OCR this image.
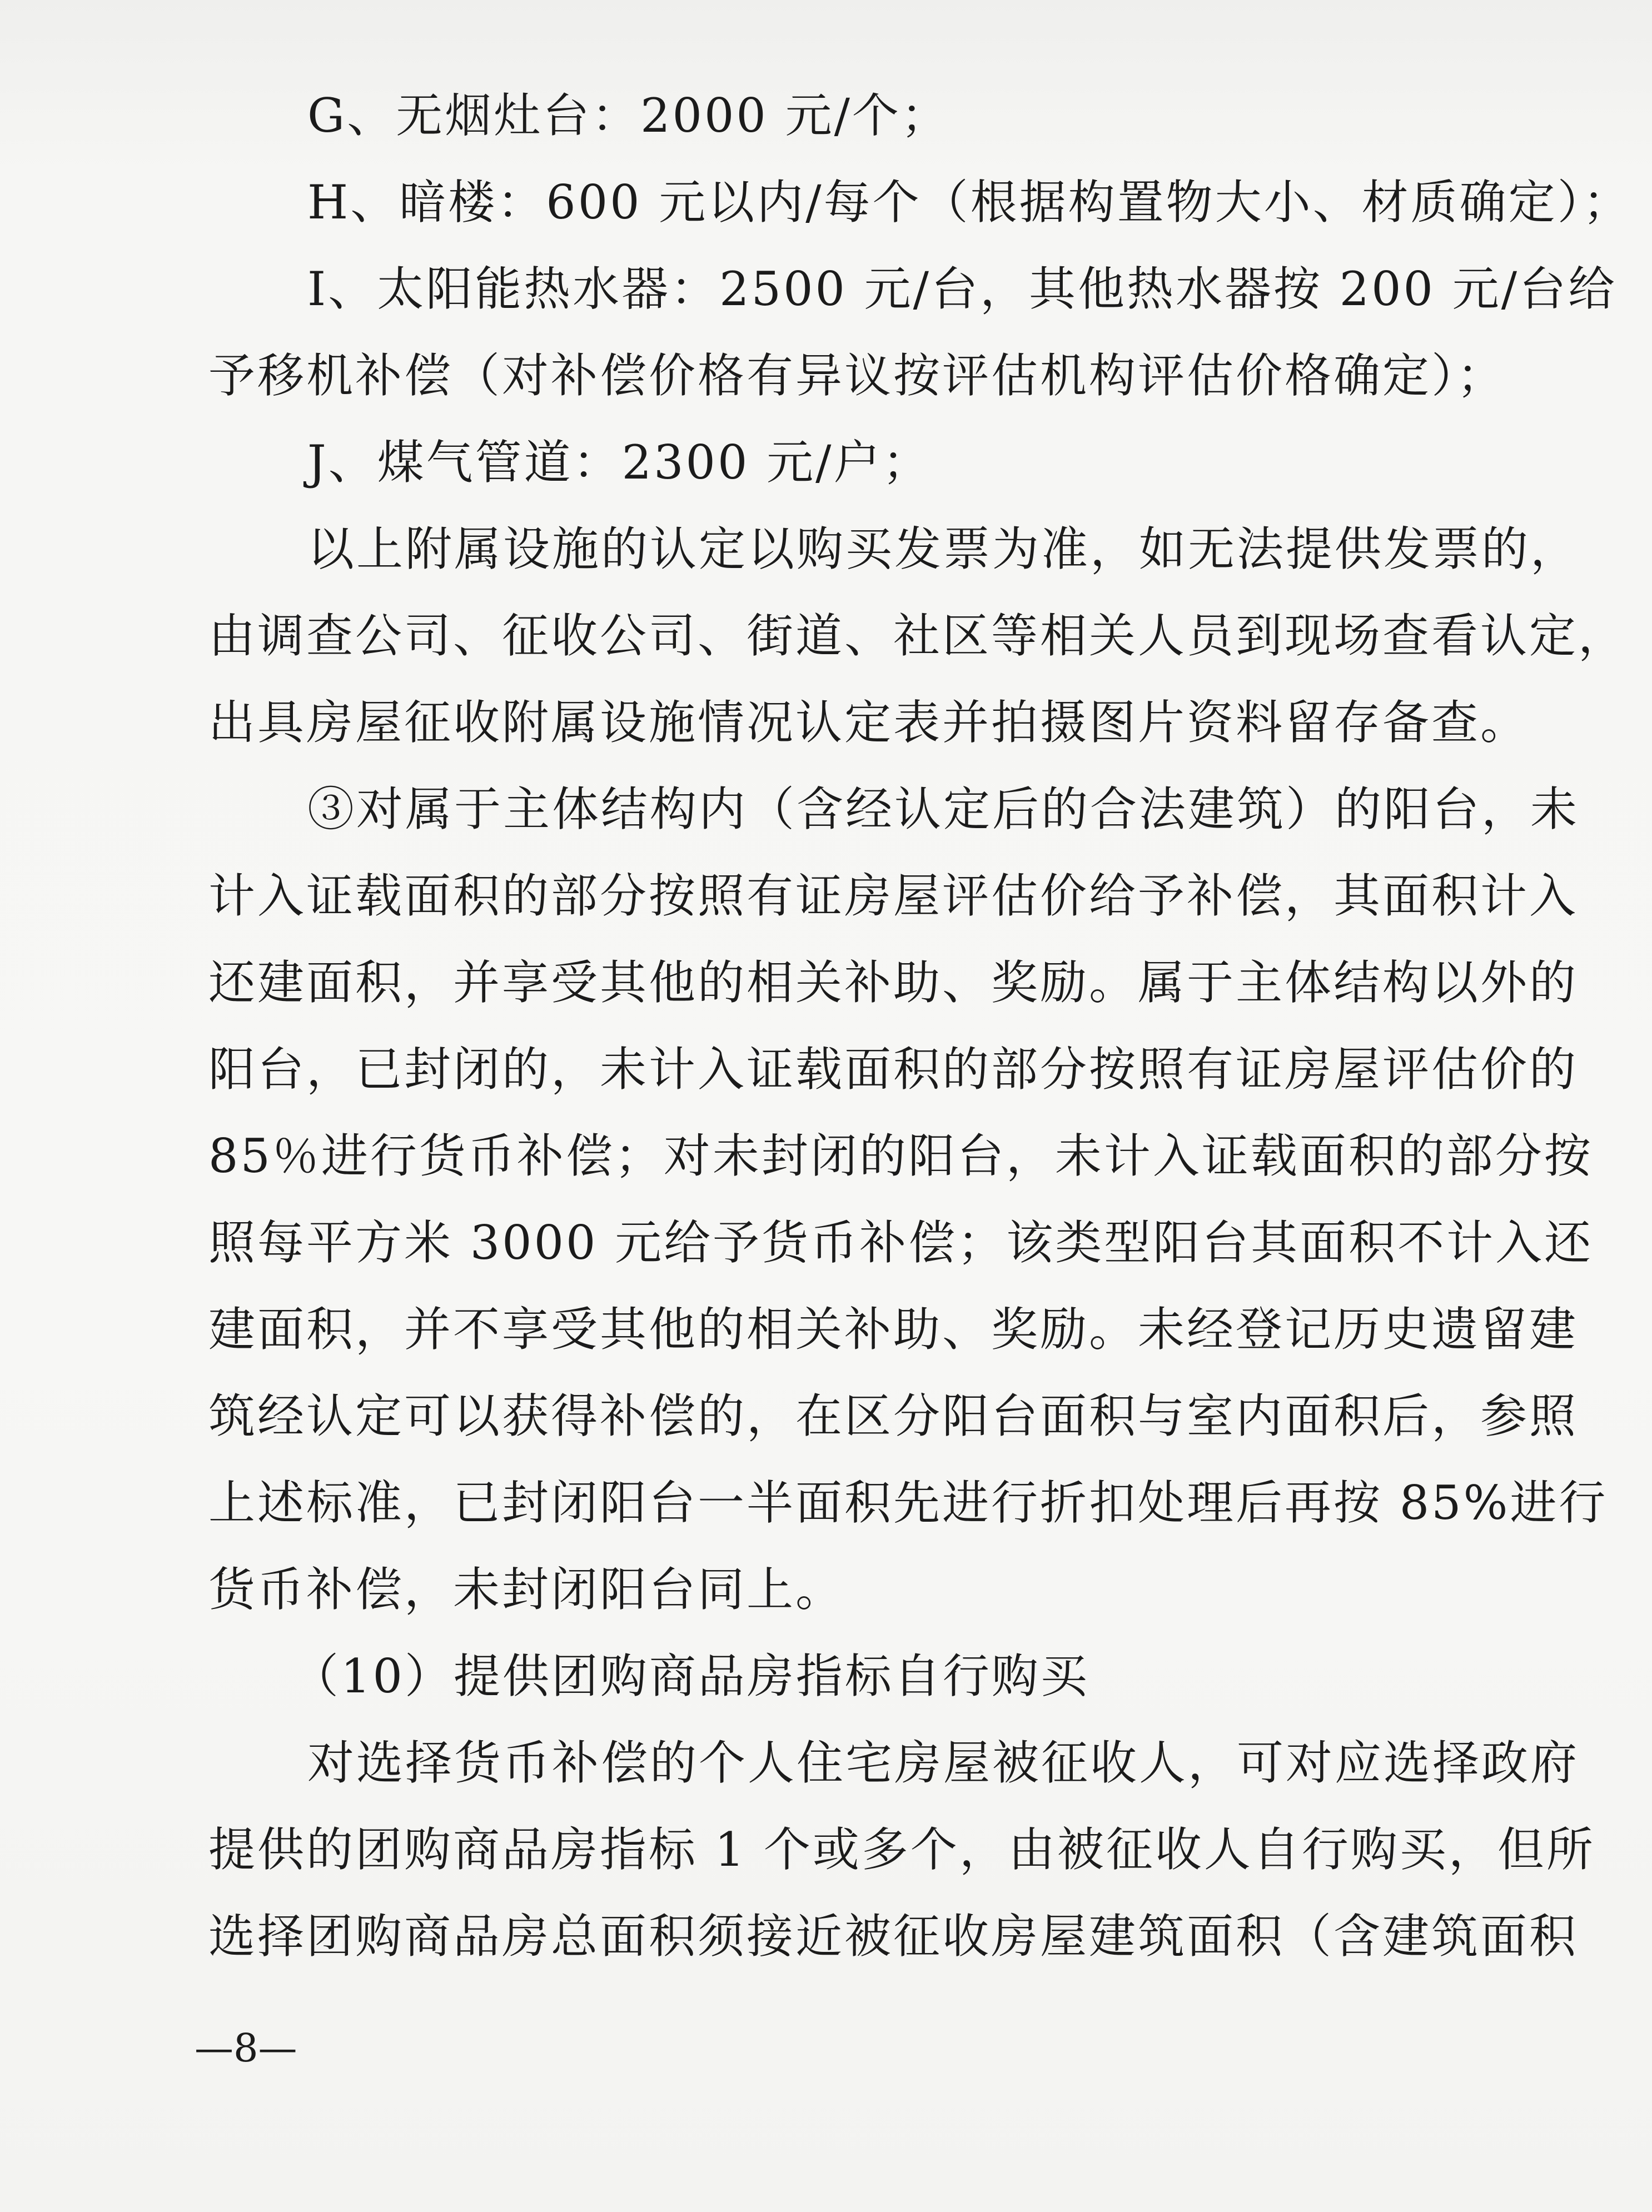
G、无烟灶台：2000 元/个；
H、暗楼：600 元以内/每个（根据构置物大小、材质确定）；
I、太阳能热水器：2500 元/台，其他热水器按 200 元/台给
予移机补偿（对补偿价格有异议按评估机构评估价格确定）；
J、煤气管道：2300 元/户；
以上附属设施的认定以购买发票为准，如无法提供发票的，
由调查公司、征收公司、街道、社区等相关人员到现场查看认定，
出具房屋征收附属设施情况认定表并拍摄图片资料留存备查。
③对属于主体结构内（含经认定后的合法建筑）的阳台，未
计入证载面积的部分按照有证房屋评估价给予补偿，其面积计入
还建面积，并享受其他的相关补助、奖励。属于主体结构以外的
阳台，已封闭的，未计入证载面积的部分按照有证房屋评估价的
85％进行货币补偿；对未封闭的阳台，未计入证载面积的部分按
照每平方米 3000 元给予货币补偿；该类型阳台其面积不计入还
建面积，并不享受其他的相关补助、奖励。未经登记历史遗留建
筑经认定可以获得补偿的，在区分阳台面积与室内面积后，参照
上述标准，已封闭阳台一半面积先进行折扣处理后再按 85%进行
货币补偿，未封闭阳台同上。
（10）提供团购商品房指标自行购买
对选择货币补偿的个人住宅房屋被征收人，可对应选择政府
提供的团购商品房指标 1 个或多个，由被征收人自行购买，但所
选择团购商品房总面积须接近被征收房屋建筑面积（含建筑面积
—8—
